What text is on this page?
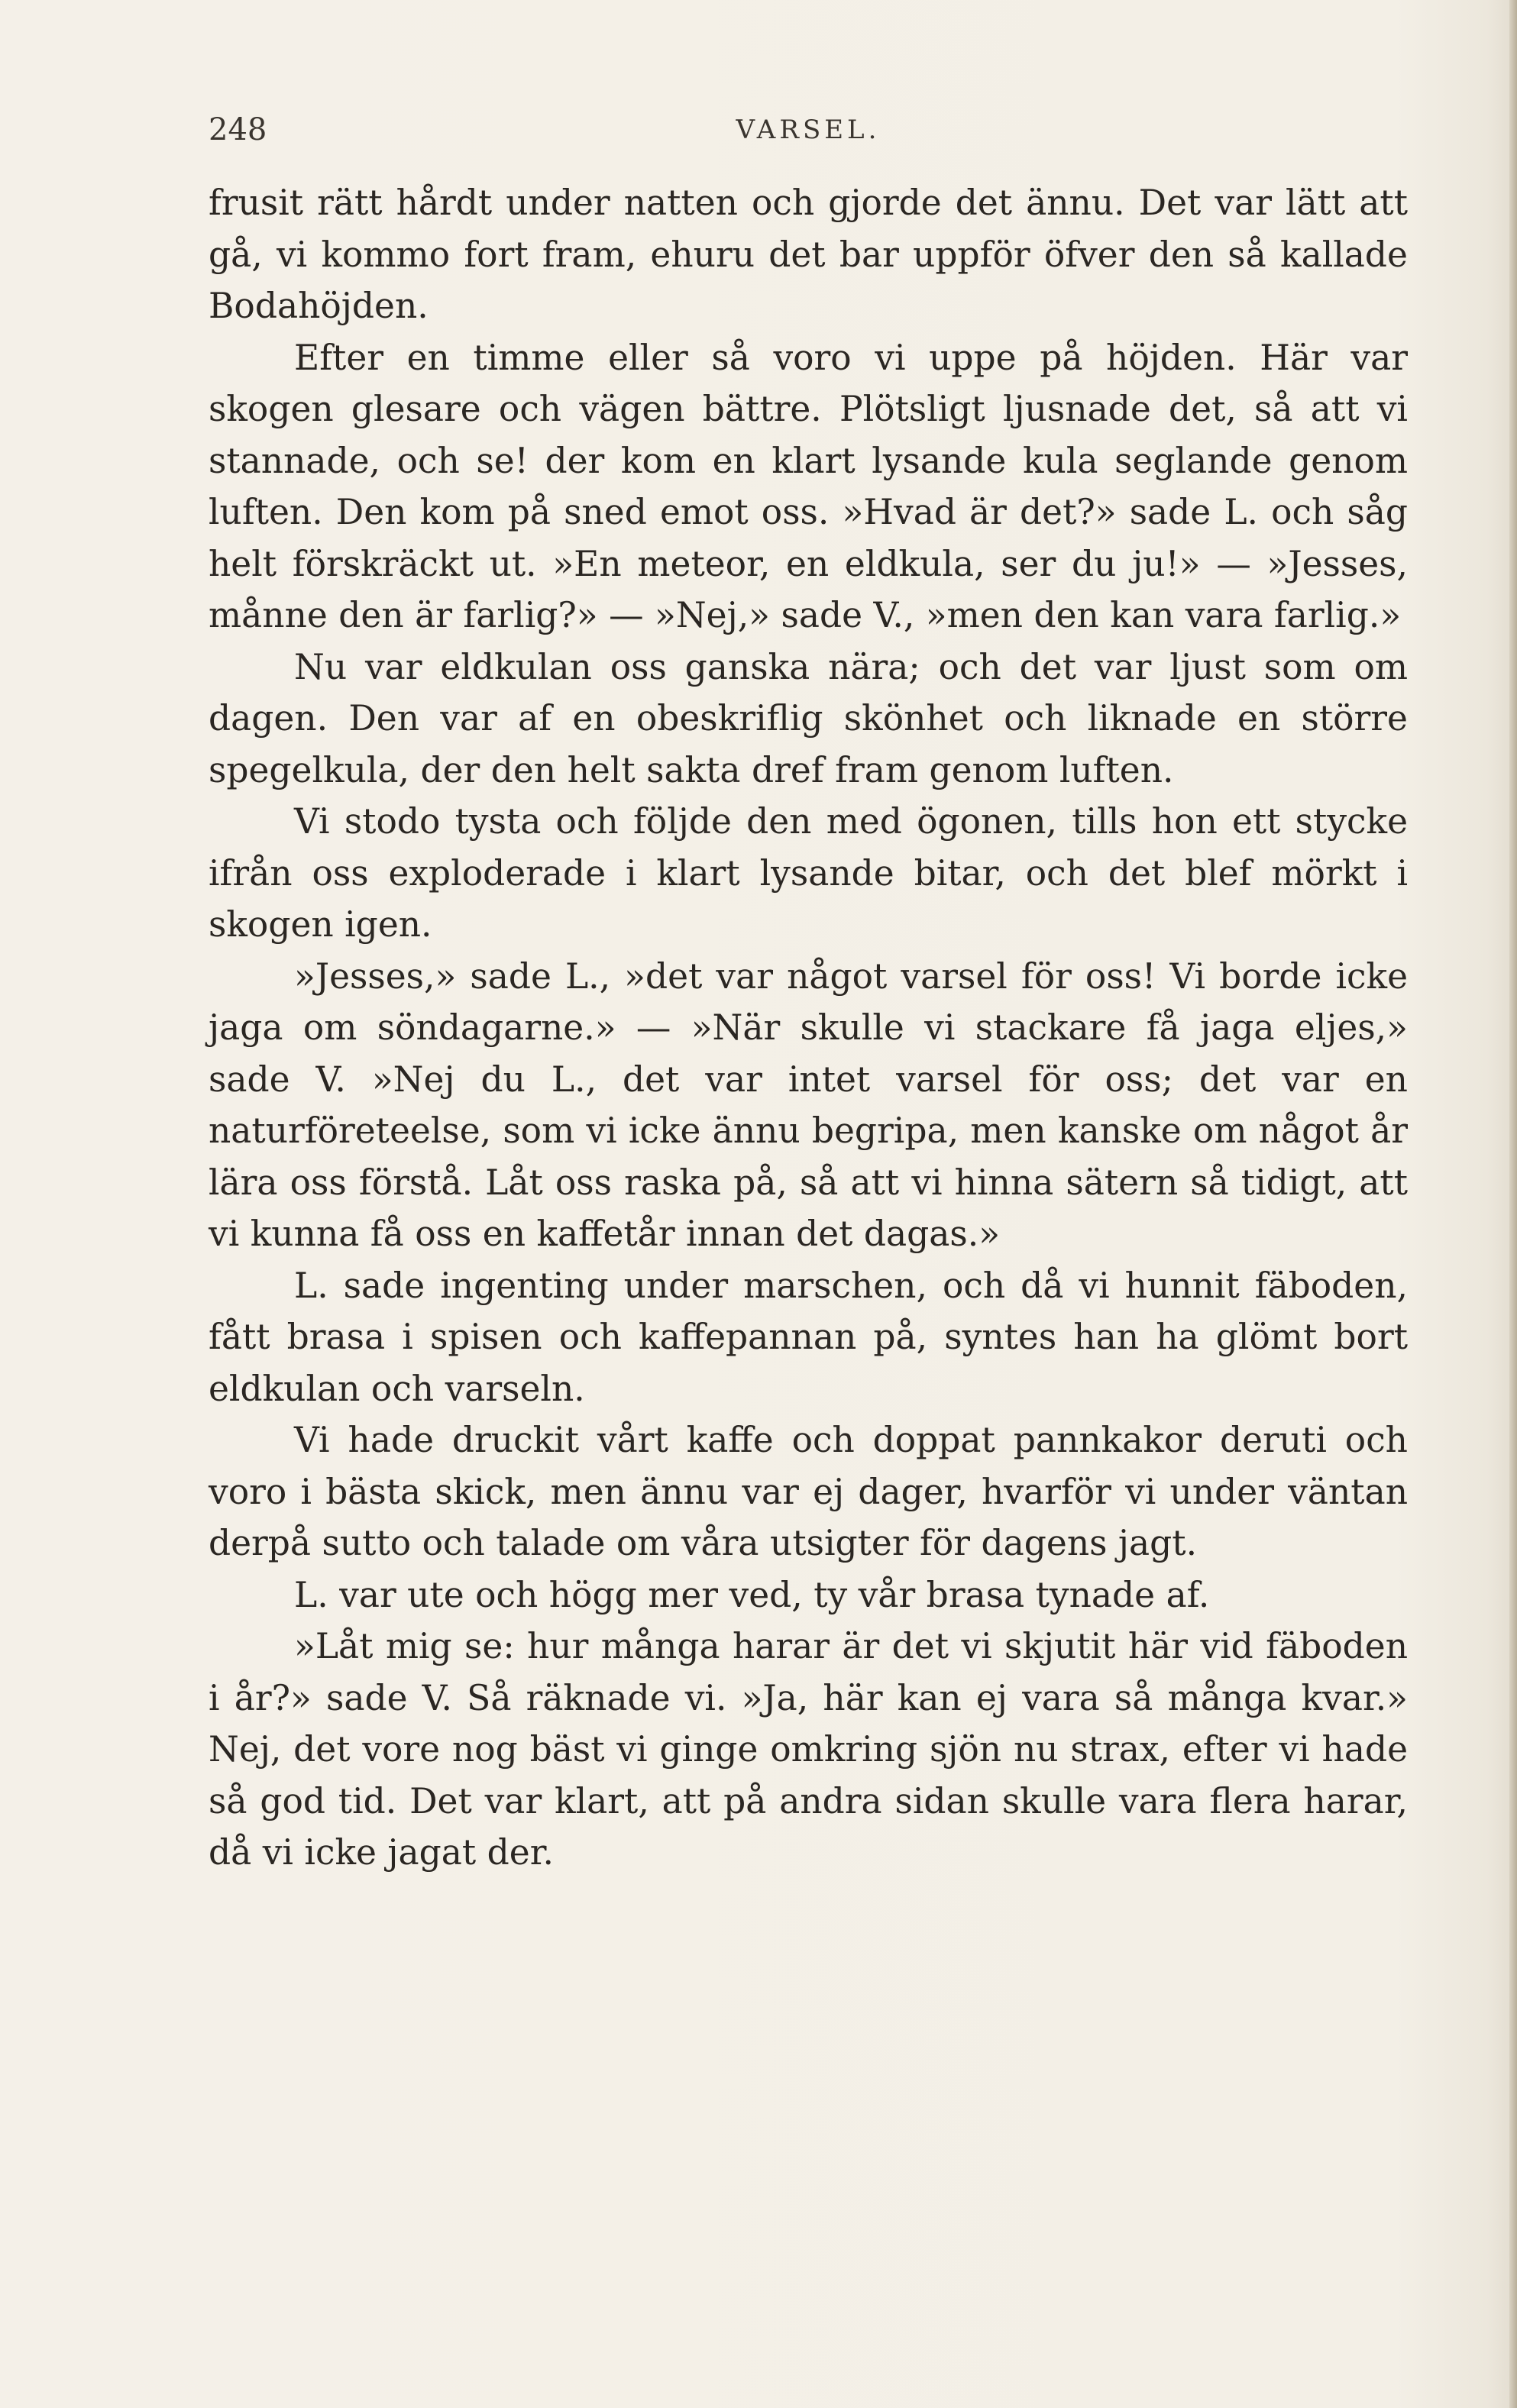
248	VARSEL.

frusit rätt hårdt under natten och gjorde det ännu. Det var lätt att gå, vi kommo fort fram, ehuru det bar uppför öfver den så kallade Bodahöjden.

Efter en timme eller så voro vi uppe på höjden. Här var skogen glesare och vägen bättre. Plötsligt ljusnade det, så att vi stannade, och se! der kom en klart lysande kula seglande genom luften. Den kom på sned emot oss. »Hvad är det?» sade L. och såg helt förskräckt ut. »En meteor, en eldkula, ser du ju!» — »Jesses, månne den är farlig?» — »Nej,» sade V., »men den kan vara farlig.»

Nu var eldkulan oss ganska nära; och det var ljust som om dagen. Den var af en obeskriflig skönhet och liknade en större spegelkula, der den helt sakta dref fram genom luften.

Vi stodo tysta och följde den med ögonen, tills hon ett stycke ifrån oss exploderade i klart lysande bitar, och det blef mörkt i skogen igen.

»Jesses,» sade L., »det var något varsel för oss! Vi borde icke jaga om söndagarne.» — »När skulle vi stackare få jaga eljes,» sade V. »Nej du L., det var intet varsel för oss; det var en naturföreteelse, som vi icke ännu begripa, men kanske om något år lära oss förstå. Låt oss raska på, så att vi hinna sätern så tidigt, att vi kunna få oss en kaffetår innan det dagas.»

L. sade ingenting under marschen, och då vi hunnit fäboden, fått brasa i spisen och kaffepannan på, syntes han ha glömt bort eldkulan och varseln.

Vi hade druckit vårt kaffe och doppat pannkakor deruti och voro i bästa skick, men ännu var ej dager, hvarför vi under väntan derpå sutto och talade om våra utsigter för dagens jagt.

L. var ute och högg mer ved, ty vår brasa tynade af.

»Låt mig se: hur många harar är det vi skjutit här vid fäboden i år?» sade V. Så räknade vi. »Ja, här kan ej vara så många kvar.» Nej, det vore nog bäst vi ginge omkring sjön nu strax, efter vi hade så god tid. Det var klart, att på andra sidan skulle vara flera harar, då vi icke jagat der.
